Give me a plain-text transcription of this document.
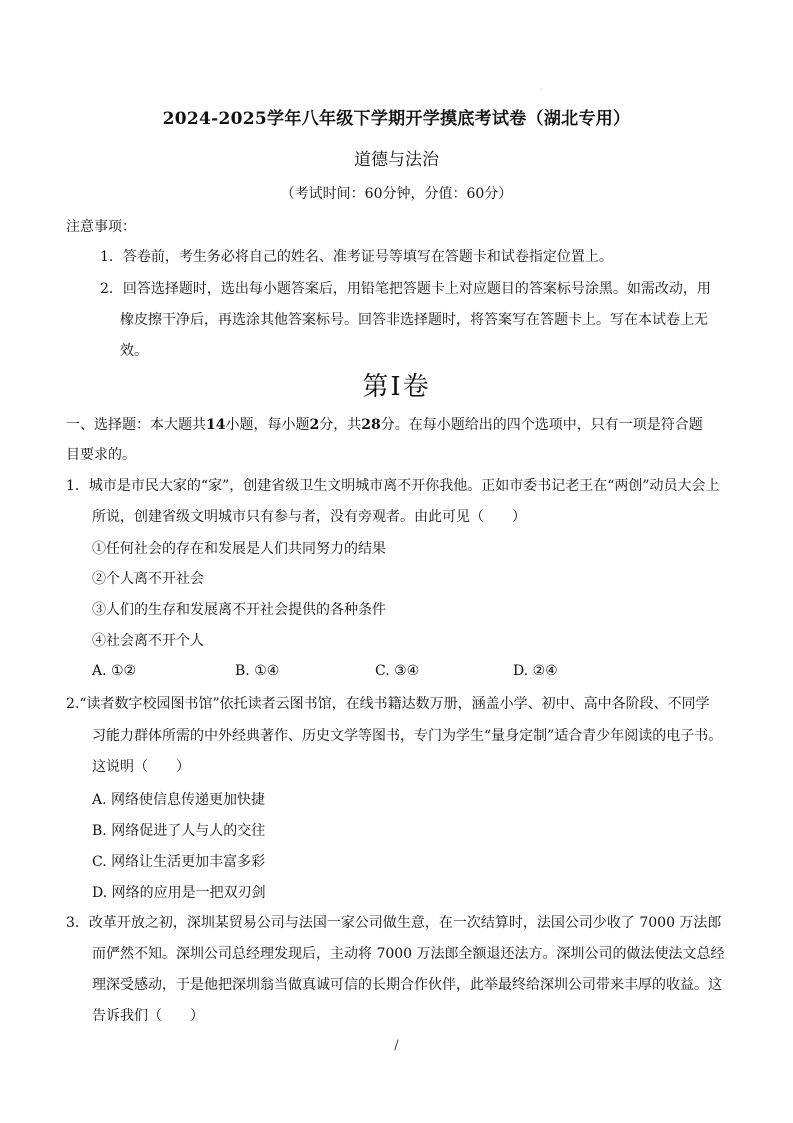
·
2024-2025学年八年级下学期开学摸底考试卷（湖北专用）
道德与法治
（考试时间：60分钟，分值：60分）
注意事项：
1．答卷前，考生务必将自己的姓名、准考证号等填写在答题卡和试卷指定位置上。
2．回答选择题时，选出每小题答案后，用铅笔把答题卡上对应题目的答案标号涂黑。如需改动，用
橡皮擦干净后，再选涂其他答案标号。回答非选择题时，将答案写在答题卡上。写在本试卷上无
效。
第Ⅰ卷
一、选择题：本大题共14小题，每小题2分，共28分。在每小题给出的四个选项中，只有一项是符合题
目要求的。
1．城市是市民大家的“家”，创建省级卫生文明城市离不开你我他。正如市委书记老王在“两创”动员大会上
所说，创建省级文明城市只有参与者，没有旁观者。由此可见（　　）
①任何社会的存在和发展是人们共同努力的结果
②个人离不开社会
③人们的生存和发展离不开社会提供的各种条件
④社会离不开个人
A. ①②	B. ①④	C. ③④	D. ②④
2.“读者数字校园图书馆”依托读者云图书馆，在线书籍达数万册，涵盖小学、初中、高中各阶段、不同学
习能力群体所需的中外经典著作、历史文学等图书，专门为学生“量身定制”适合青少年阅读的电子书。
这说明（　　）
A. 网络使信息传递更加快捷
B. 网络促进了人与人的交往
C. 网络让生活更加丰富多彩
D. 网络的应用是一把双刃剑
3．改革开放之初，深圳某贸易公司与法国一家公司做生意，在一次结算时，法国公司少收了 7000 万法郎
而俨然不知。深圳公司总经理发现后，主动将 7000 万法郎全额退还法方。深圳公司的做法使法文总经
理深受感动，于是他把深圳翁当做真诚可信的长期合作伙伴，此举最终给深圳公司带来丰厚的收益。这
告诉我们（　　）
/
